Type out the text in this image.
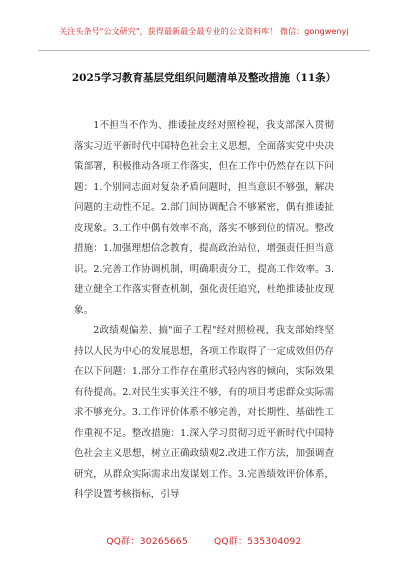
关注头条号"公文研究"，获得最新最全最专业的公文资料库！ 微信：gongwenyj
2025学习教育基层党组织问题清单及整改措施（11条）

1不担当不作为、推诿扯皮经对照检视，我支部深入贯彻落实习近平新时代中国特色社会主义思想，全面落实党中央决策部署，积极推动各项工作落实，但在工作中仍然存在以下问题：1.个别同志面对复杂矛盾问题时，担当意识不够强，解决问题的主动性不足。2.部门间协调配合不够紧密，偶有推诿扯皮现象。3.工作中偶有效率不高，落实不够到位的情况。整改措施：1.加强理想信念教育，提高政治站位，增强责任担当意识。2.完善工作协调机制，明确职责分工，提高工作效率。3.建立健全工作落实督查机制，强化责任追究，杜绝推诿扯皮现象。

2政绩观偏差、搞"面子工程"经对照检视，我支部始终坚持以人民为中心的发展思想，各项工作取得了一定成效但仍存在以下问题：1.部分工作存在重形式轻内容的倾向，实际效果有待提高。2.对民生实事关注不够，有的项目考虑群众实际需求不够充分。3.工作评价体系不够完善，对长期性、基础性工作重视不足。整改措施：1.深入学习贯彻习近平新时代中国特色社会主义思想，树立正确政绩观2.改进工作方法，加强调查研究，从群众实际需求出发谋划工作。3.完善绩效评价体系，科学设置考核指标，引导

QQ群：30265665	QQ群：535304092
